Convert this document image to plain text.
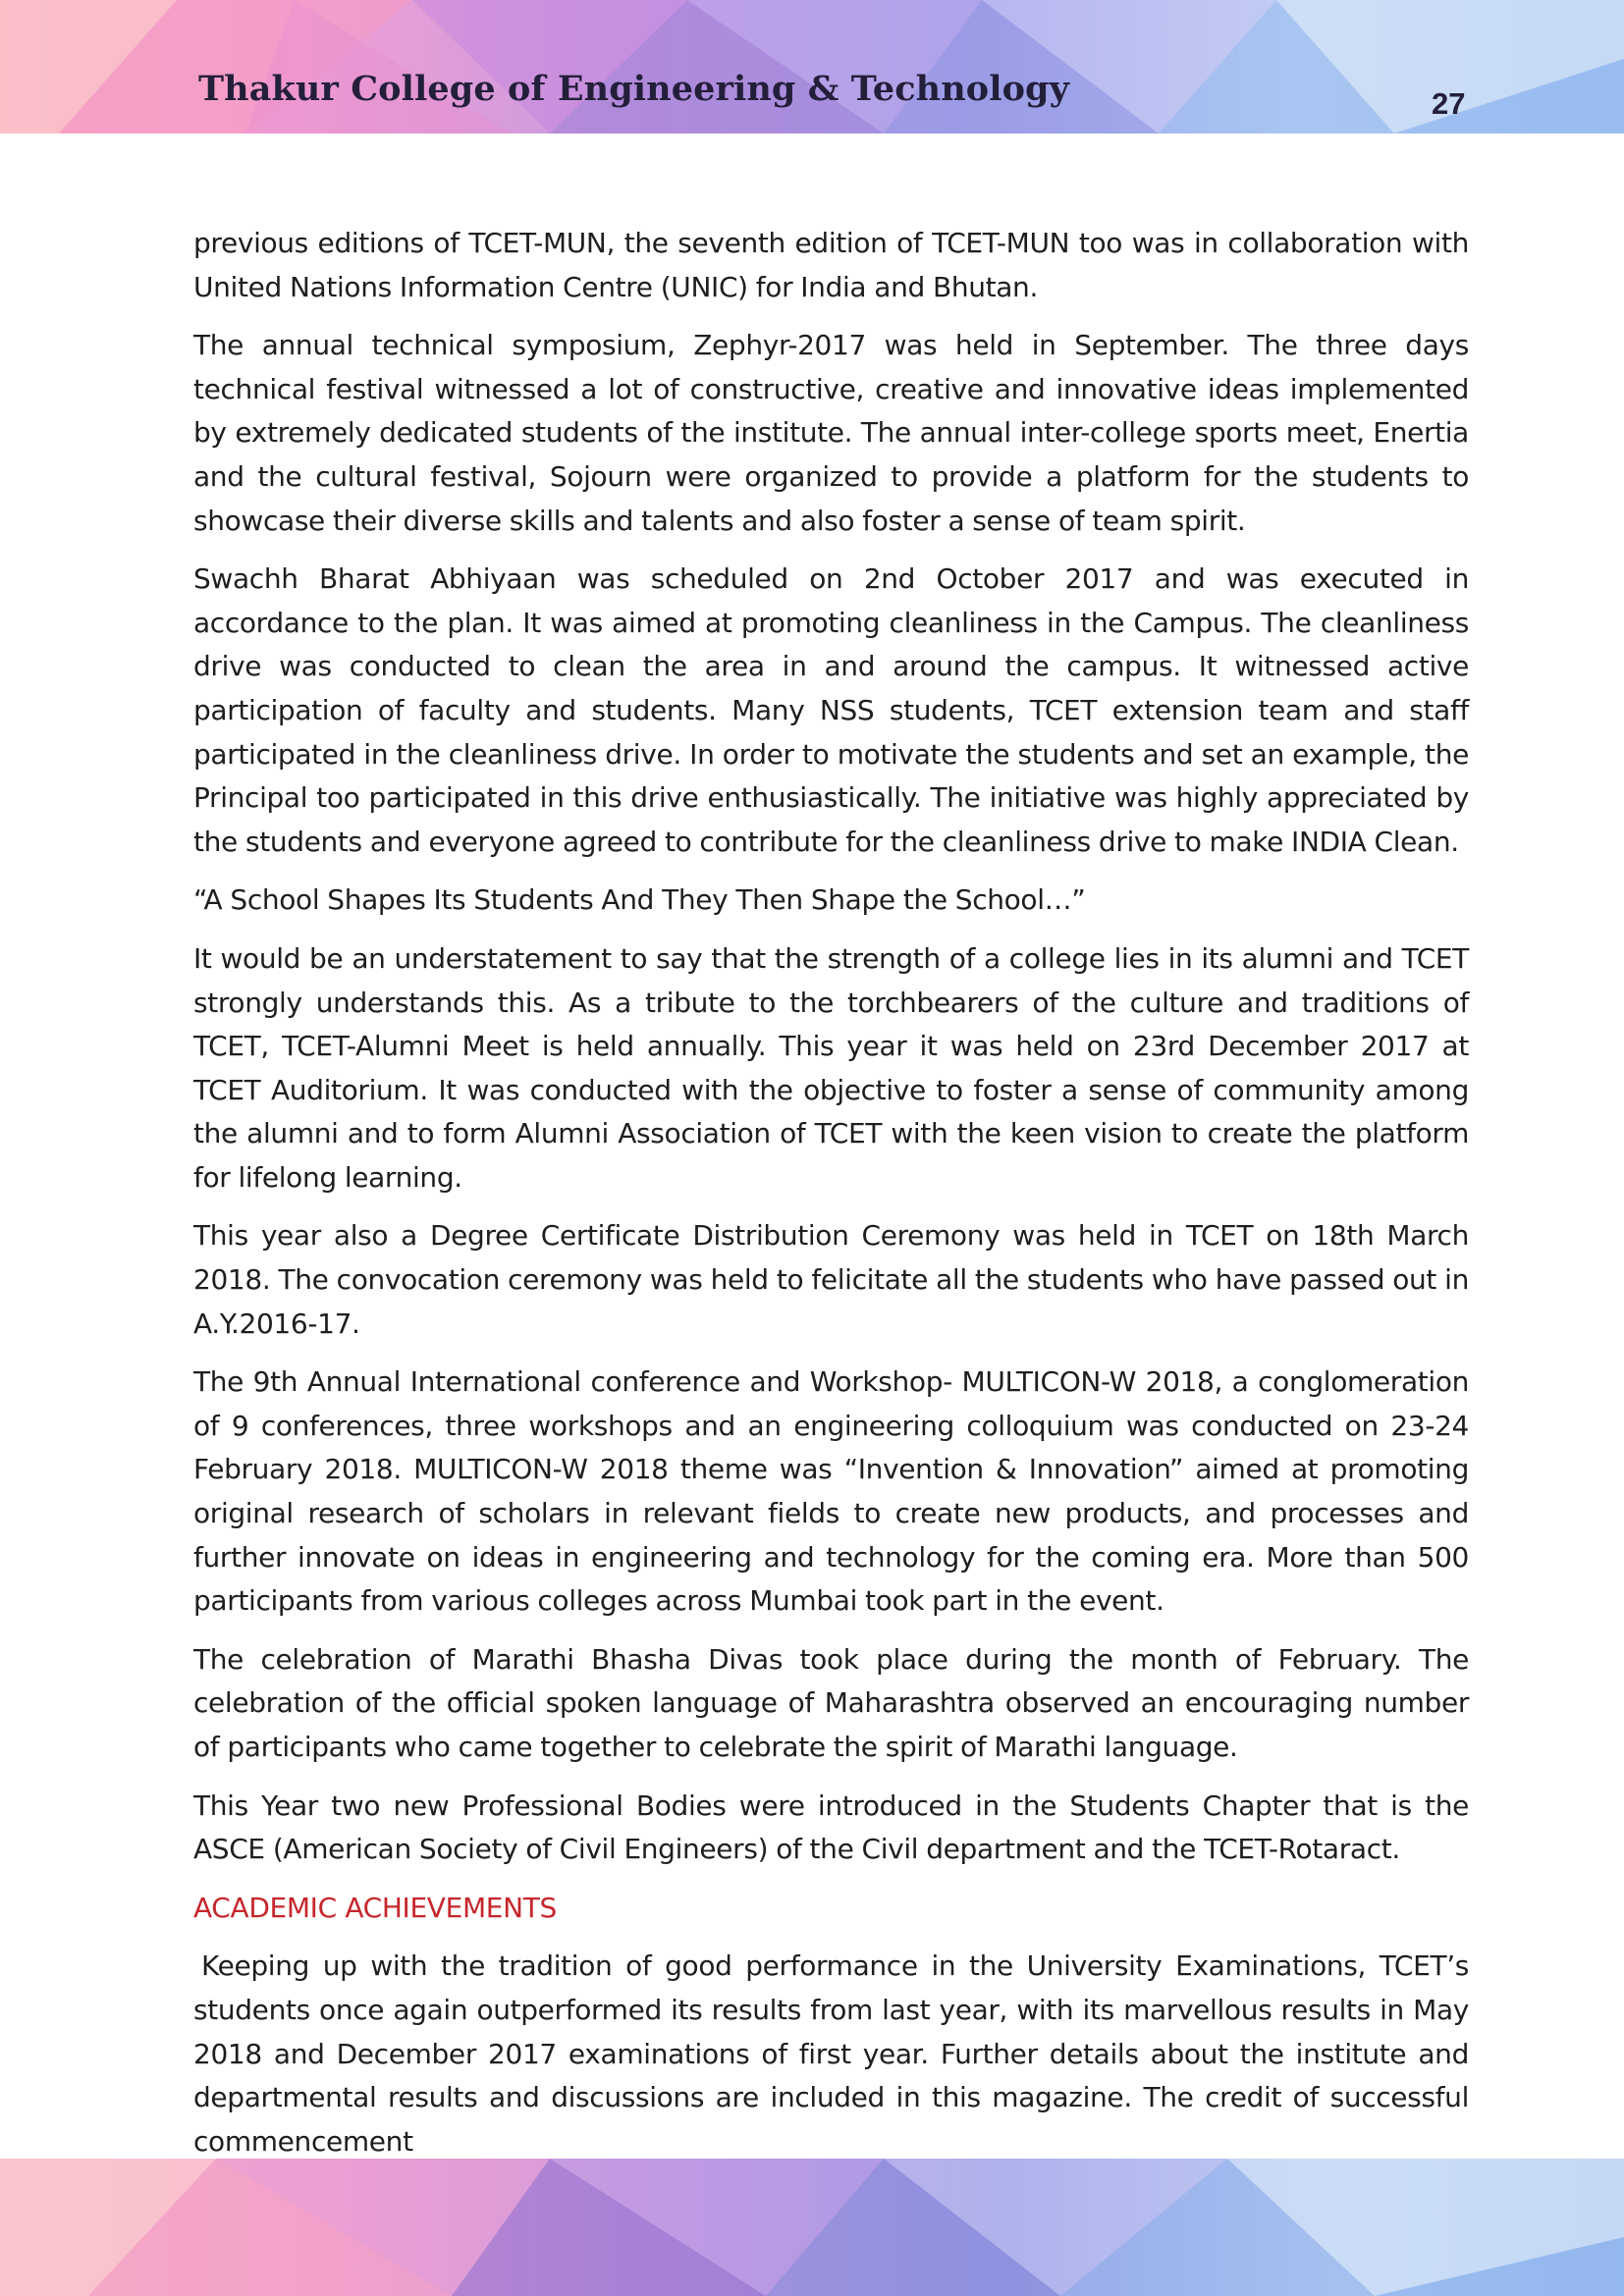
Thakur College of Engineering & Technology	27

previous editions of TCET-MUN, the seventh edition of TCET-MUN too was in collaboration with United Nations Information Centre (UNIC) for India and Bhutan.

The annual technical symposium, Zephyr-2017 was held in September. The three days technical festival witnessed a lot of constructive, creative and innovative ideas implemented by extremely dedicated students of the institute. The annual inter-college sports meet, Enertia and the cultural festival, Sojourn were organized to provide a platform for the students to showcase their diverse skills and talents and also foster a sense of team spirit.

Swachh Bharat Abhiyaan was scheduled on 2nd October 2017 and was executed in accordance to the plan. It was aimed at promoting cleanliness in the Campus. The cleanliness drive was conducted to clean the area in and around the campus. It witnessed active participation of faculty and students. Many NSS students, TCET extension team and staff participated in the cleanliness drive. In order to motivate the students and set an example, the Principal too participated in this drive enthusiastically. The initiative was highly appreciated by the students and everyone agreed to contribute for the cleanliness drive to make INDIA Clean.

“A School Shapes Its Students And They Then Shape the School…”

It would be an understatement to say that the strength of a college lies in its alumni and TCET strongly understands this. As a tribute to the torchbearers of the culture and traditions of TCET, TCET-Alumni Meet is held annually. This year it was held on 23rd December 2017 at TCET Auditorium. It was conducted with the objective to foster a sense of community among the alumni and to form Alumni Association of TCET with the keen vision to create the platform for lifelong learning.

This year also a Degree Certificate Distribution Ceremony was held in TCET on 18th March 2018. The convocation ceremony was held to felicitate all the students who have passed out in A.Y.2016-17.

The 9th Annual International conference and Workshop- MULTICON-W 2018, a conglomeration of 9 conferences, three workshops and an engineering colloquium was conducted on 23-24 February 2018. MULTICON-W 2018 theme was “Invention & Innovation” aimed at promoting original research of scholars in relevant fields to create new products, and processes and further innovate on ideas in engineering and technology for the coming era. More than 500 participants from various colleges across Mumbai took part in the event.

The celebration of Marathi Bhasha Divas took place during the month of February. The celebration of the official spoken language of Maharashtra observed an encouraging number of participants who came together to celebrate the spirit of Marathi language.

This Year two new Professional Bodies were introduced in the Students Chapter that is the ASCE (American Society of Civil Engineers) of the Civil department and the TCET-Rotaract.

ACADEMIC ACHIEVEMENTS

Keeping up with the tradition of good performance in the University Examinations, TCET’s students once again outperformed its results from last year, with its marvellous results in May 2018 and December 2017 examinations of first year. Further details about the institute and departmental results and discussions are included in this magazine. The credit of successful commencement
